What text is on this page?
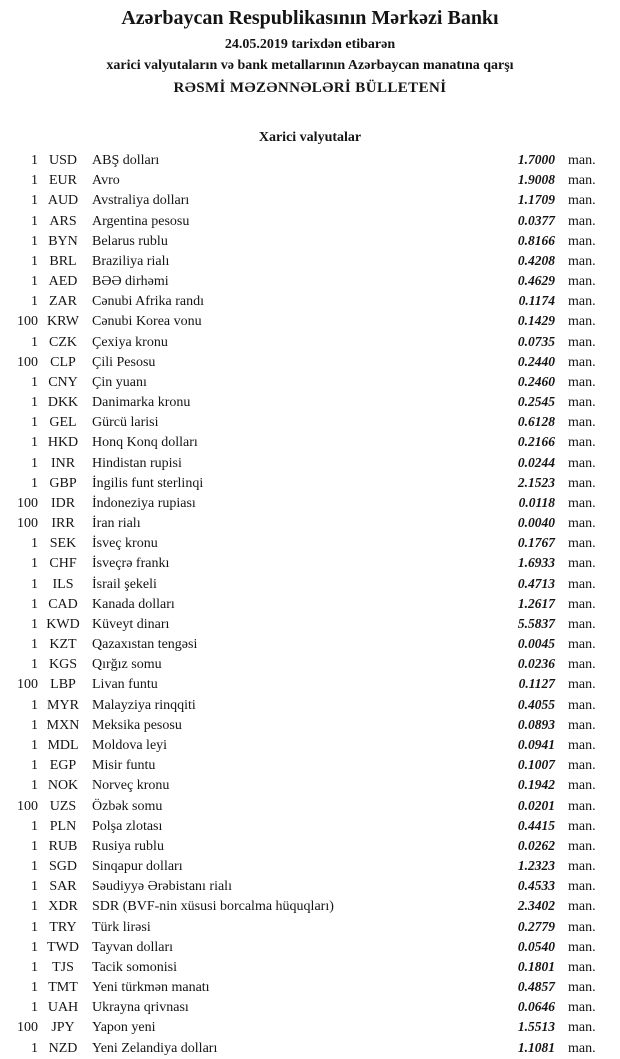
Azərbaycan Respublikasının Mərkəzi Bankı

24.05.2019 tarixdən etibarən

xarici valyutaların və bank metallarının Azərbaycan manatına qarşı

RƏSMİ MƏZƏNNƏLƏRİ BÜLLETENİ

Xarici valyutalar
1 USD	ABŞ dolları	1.7000 man.
1 EUR	Avro	1.9008 man.
1 AUD Avstraliya dolları	1.1709 man.
1 ARS	Argentina pesosu	0.0377 man.
1 BYN	Belarus rublu	0.8166 man.
1 BRL	Braziliya rialı	0.4208 man.
1 AED	BƏƏ dirhəmi	0.4629 man.
1 ZAR	Cənubi Afrika randı	0.1174 man.
100 KRW Cənubi Korea vonu	0.1429 man.
1 CZK	Çexiya kronu	0.0735 man.
100 CLP	Çili Pesosu	0.2440 man.
1 CNY	Çin yuanı	0.2460 man.
1 DKK Danimarka kronu	0.2545 man.
1 GEL	Gürcü larisi	0.6128 man.
1 HKD Honq Konq dolları	0.2166 man.
1 INR	Hindistan rupisi	0.0244 man.
1 GBP	İngilis funt sterlinqi	2.1523 man.
100 IDR	İndoneziya rupiası	0.0118 man.
100 IRR	İran rialı	0.0040 man.
1 SEK	İsveç kronu	0.1767 man.
1 CHF	İsveçrə frankı	1.6933 man.
1	ILS	İsrail şekeli	0.4713 man.
1 CAD	Kanada dolları	1.2617 man.
1 KWD Küveyt dinarı	5.5837 man.
1 KZT	Qazaxıstan tengəsi	0.0045 man.
1 KGS	Qırğız somu	0.0236 man.
100 LBP	Livan funtu	0.1127 man.
1 MYR Malayziya rinqqiti	0.4055 man.
1 MXN Meksika pesosu	0.0893 man.
1 MDL Moldova leyi	0.0941 man.
1 EGP	Misir funtu	0.1007 man.
1 NOK Norveç kronu	0.1942 man.
100 UZS	Özbək somu	0.0201 man.
1 PLN	Polşa zlotası	0.4415 man.
1 RUB	Rusiya rublu	0.0262 man.
1 SGD	Sinqapur dolları	1.2323 man.
1 SAR	Səudiyyə Ərəbistanı rialı	0.4533 man.
1 XDR	SDR (BVF-nin xüsusi borcalma hüquqları)	2.3402 man.
1 TRY	Türk lirəsi	0.2779 man.
1 TWD Tayvan dolları	0.0540 man.
1	TJS	Tacik somonisi	0.1801 man.
1 TMT	Yeni türkmən manatı	0.4857 man.
1 UAH Ukrayna qrivnası	0.0646 man.
100 JPY	Yapon yeni	1.5513 man.
1 NZD	Yeni Zelandiya dolları	1.1081 man.
